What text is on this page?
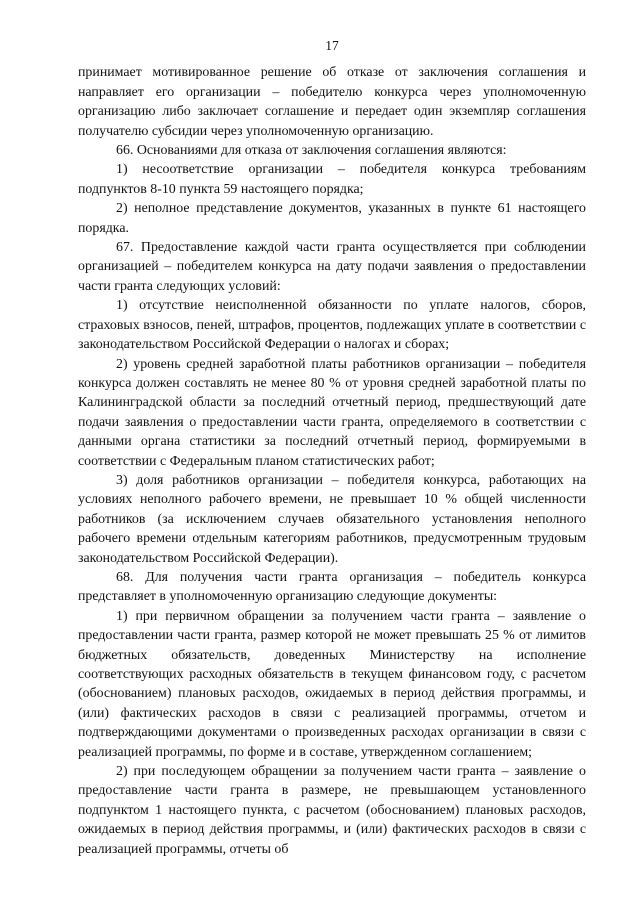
17

принимает мотивированное решение об отказе от заключения соглашения и направляет его организации – победителю конкурса через уполномоченную организацию либо заключает соглашение и передает один экземпляр соглашения получателю субсидии через уполномоченную организацию.

66. Основаниями для отказа от заключения соглашения являются:

1) несоответствие организации – победителя конкурса требованиям подпунктов 8-10 пункта 59 настоящего порядка;

2) неполное представление документов, указанных в пункте 61 настоящего порядка.

67. Предоставление каждой части гранта осуществляется при соблюдении организацией – победителем конкурса на дату подачи заявления о предоставлении части гранта следующих условий:

1) отсутствие неисполненной обязанности по уплате налогов, сборов, страховых взносов, пеней, штрафов, процентов, подлежащих уплате в соответствии с законодательством Российской Федерации о налогах и сборах;

2) уровень средней заработной платы работников организации – победителя конкурса должен составлять не менее 80 % от уровня средней заработной платы по Калининградской области за последний отчетный период, предшествующий дате подачи заявления о предоставлении части гранта, определяемого в соответствии с данными органа статистики за последний отчетный период, формируемыми в соответствии с Федеральным планом статистических работ;

3) доля работников организации – победителя конкурса, работающих на условиях неполного рабочего времени, не превышает 10 % общей численности работников (за исключением случаев обязательного установления неполного рабочего времени отдельным категориям работников, предусмотренным трудовым законодательством Российской Федерации).

68. Для получения части гранта организация – победитель конкурса представляет в уполномоченную организацию следующие документы:

1) при первичном обращении за получением части гранта – заявление о предоставлении части гранта, размер которой не может превышать 25 % от лимитов бюджетных обязательств, доведенных Министерству на исполнение соответствующих расходных обязательств в текущем финансовом году, с расчетом (обоснованием) плановых расходов, ожидаемых в период действия программы, и (или) фактических расходов в связи с реализацией программы, отчетом и подтверждающими документами о произведенных расходах организации в связи с реализацией программы, по форме и в составе, утвержденном соглашением;

2) при последующем обращении за получением части гранта – заявление о предоставление части гранта в размере, не превышающем установленного подпунктом 1 настоящего пункта, с расчетом (обоснованием) плановых расходов, ожидаемых в период действия программы, и (или) фактических расходов в связи с реализацией программы, отчеты об
